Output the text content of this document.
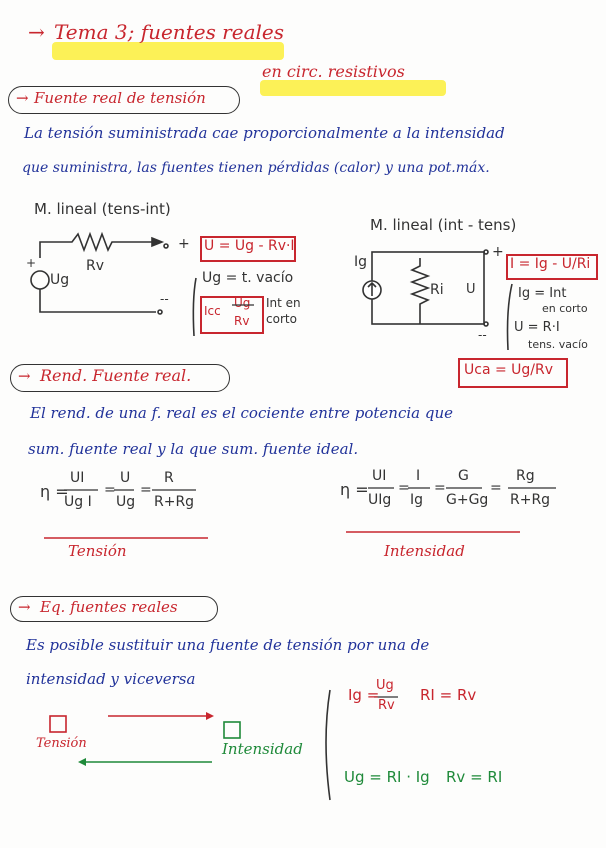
→ Tema 3; fuentes reales
en circ. resistivos
→ Fuente real de tensión
La tensión suministrada cae proporcionalmente a la intensidad
que suministra, las fuentes tienen pérdidas (calor) y una pot.máx.
M. lineal (tens-int)
Rv
Ug
+
+
--
U = Ug - Rv·I
Ug = t. vacío
Icc
Ug
Rv
Int en
corto
M. lineal (int - tens)
Ig
Ri U
+
--
I = Ig - U/Ri
Ig = Int
en corto
U = R·I
tens. vacío
Uca = Ug/Rv
→ Rend. Fuente real.
El rend. de una f. real es el cociente entre potencia que
sum. fuente real y la que sum. fuente ideal.
η =
UI
Ug I
=
U
Ug
=
R
R+Rg
Tensión
η =
UI
UIg
=
I
Ig
=
G
G+Gg
=
Rg
R+Rg
Intensidad
→ Eq. fuentes reales
Es posible sustituir una fuente de tensión por una de
intensidad y viceversa
Tensión	Intensidad
Ig =
Ug
Rv
RI = Rv
Ug = RI · Ig Rv = RI
